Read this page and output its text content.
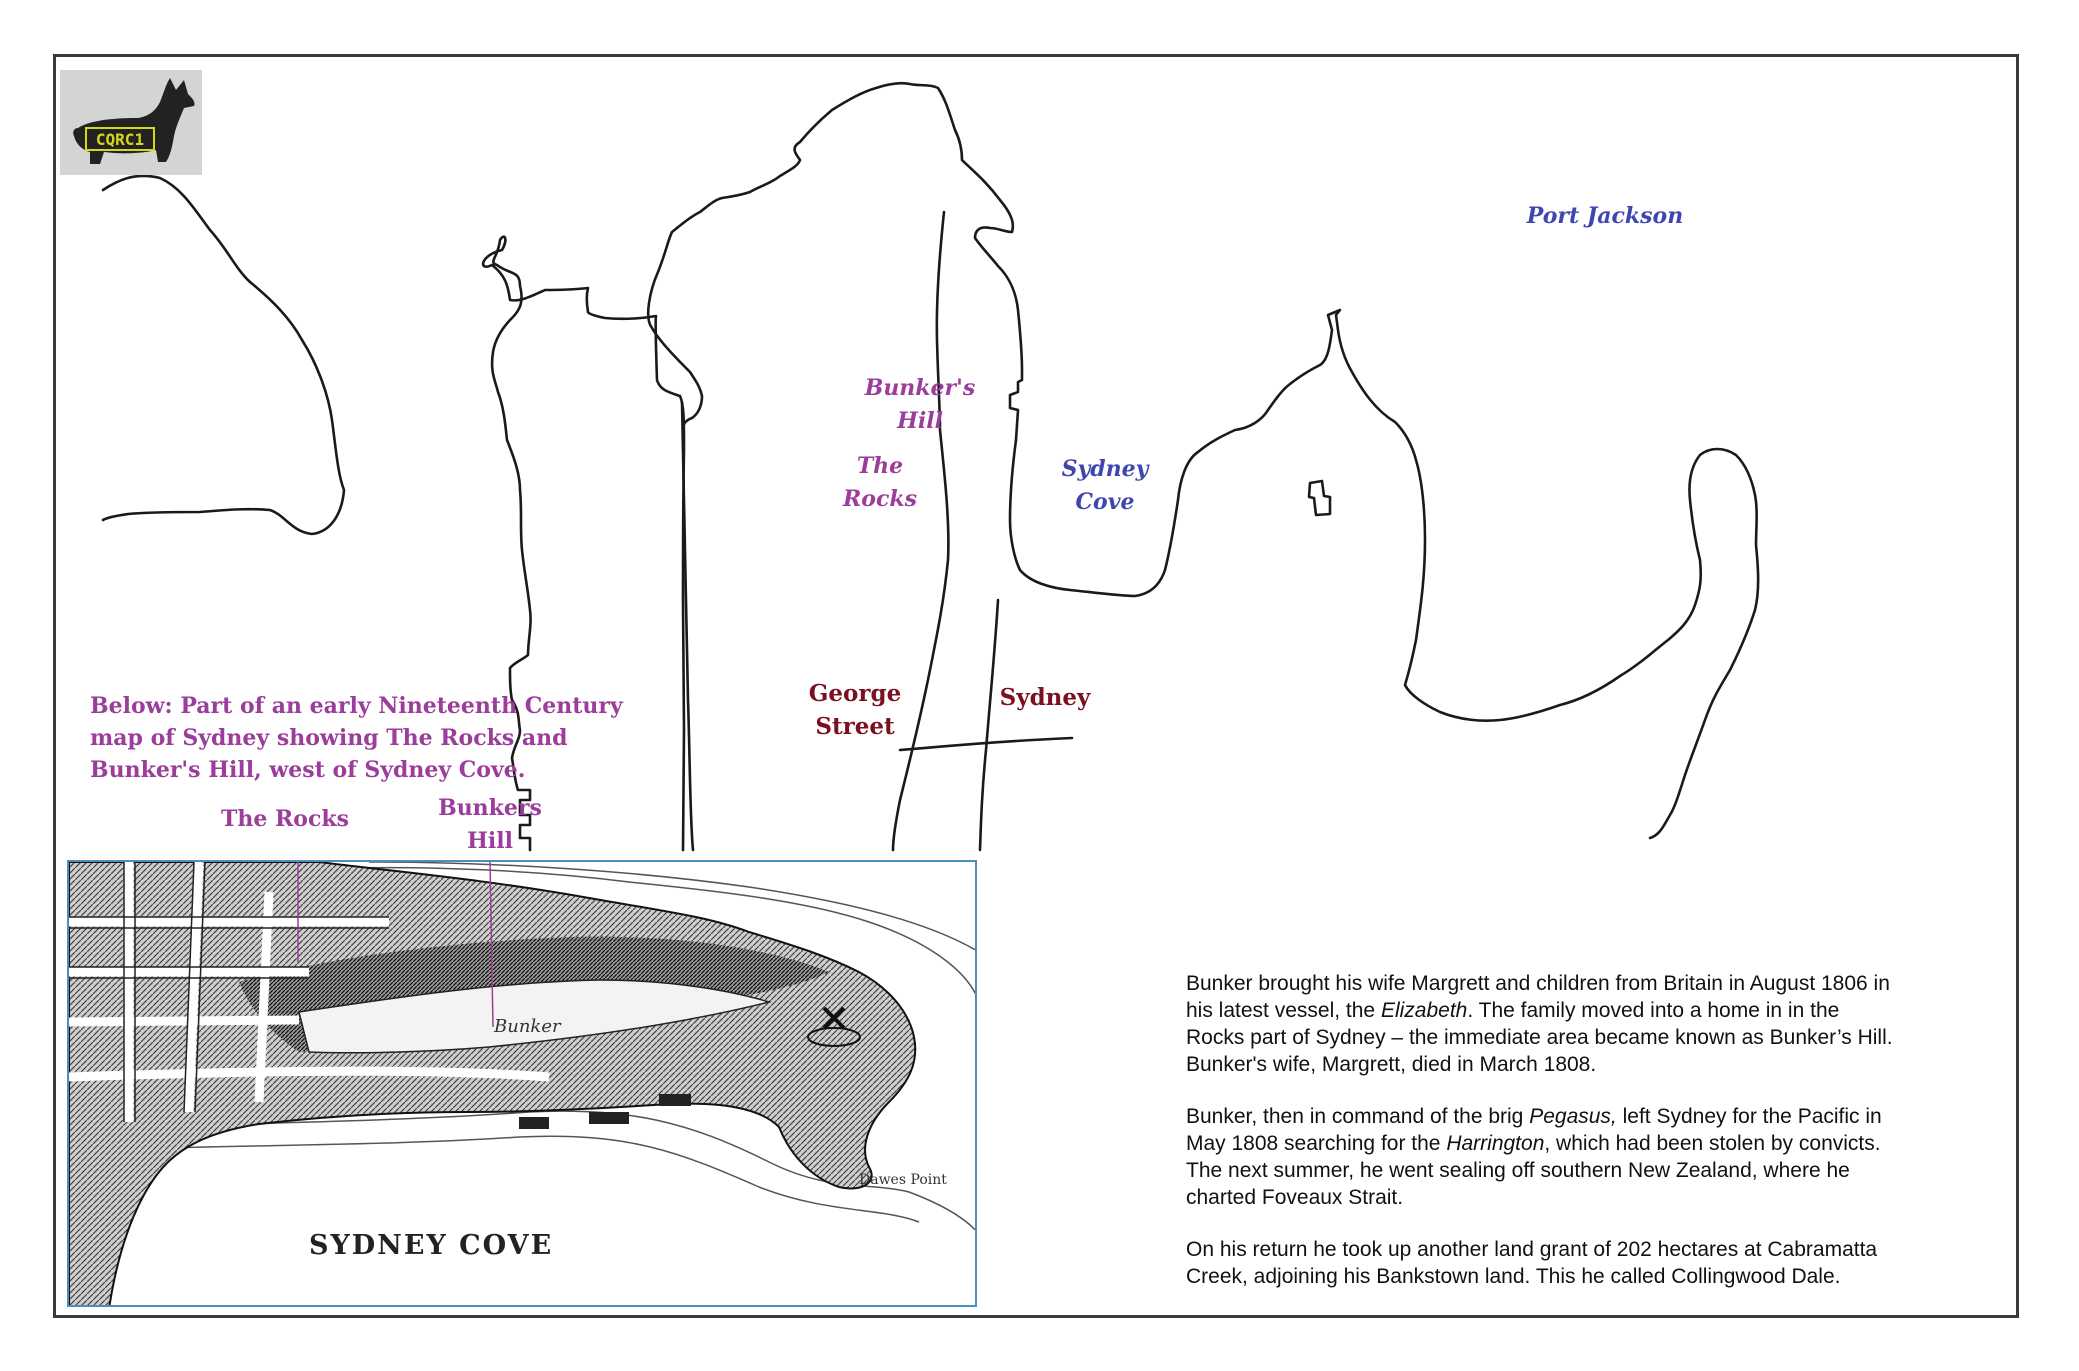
CQRC1
Port Jackson
Bunker's
Hill
The
Rocks
Sydney
Cove
George
Street
Sydney
Below: Part of an early Nineteenth Century
map of Sydney showing The Rocks and
Bunker's Hill, west of Sydney Cove.
The Rocks	Bunkers
Hill
Bunker
SYDNEY COVE
Dawes Point

Bunker brought his wife Margrett and children from Britain in August 1806 in
his latest vessel, the Elizabeth. The family moved into a home in in the
Rocks part of Sydney – the immediate area became known as Bunker’s Hill.
Bunker's wife, Margrett, died in March 1808.

Bunker, then in command of the brig Pegasus, left Sydney for the Pacific in
May 1808 searching for the Harrington, which had been stolen by convicts.
The next summer, he went sealing off southern New Zealand, where he
charted Foveaux Strait.

On his return he took up another land grant of 202 hectares at Cabramatta
Creek, adjoining his Bankstown land. This he called Collingwood Dale.
